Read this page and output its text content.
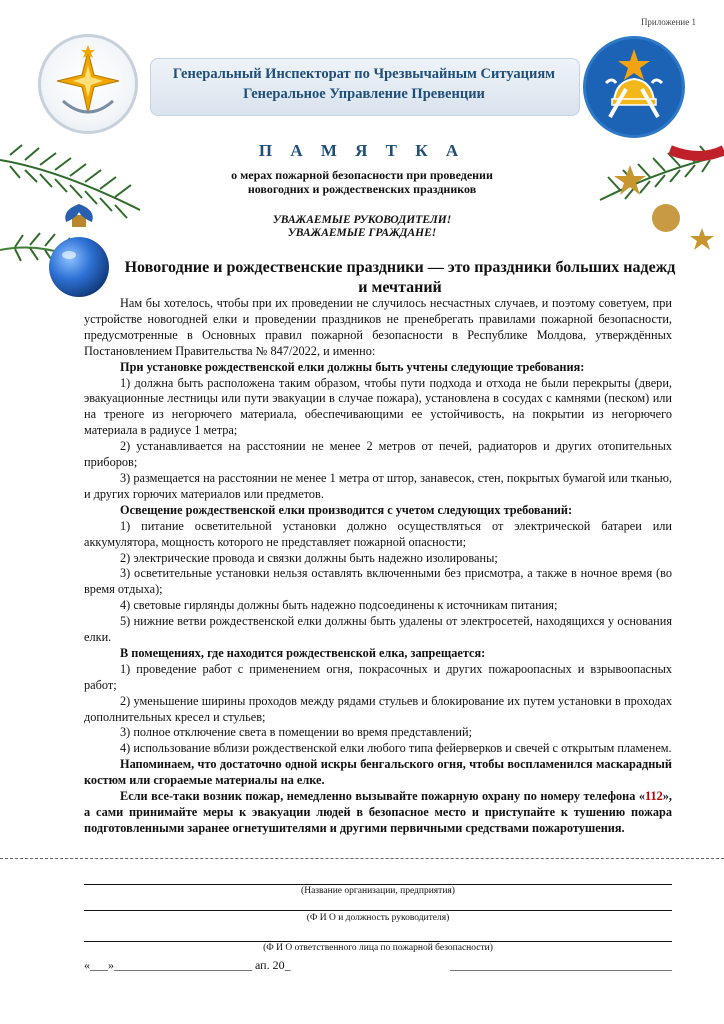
Приложение 1
Генеральный Инспекторат по Чрезвычайным Ситуациям
Генеральное Управление Превенции
П А М Я Т К А
о мерах пожарной безопасности при проведении
новогодних и рождественских праздников
УВАЖАЕМЫЕ РУКОВОДИТЕЛИ!
УВАЖАЕМЫЕ ГРАЖДАНЕ!
Новогодние и рождественские праздники — это праздники больших надежд и мечтаний

Нам бы хотелось, чтобы при их проведении не случилось несчастных случаев, и поэтому советуем, при устройстве новогодней елки и проведении праздников не пренебрегать правилами пожарной безопасности, предусмотренные в Основных правил пожарной безопасности в Республике Молдова, утверждённых Постановлением Правительства № 847/2022, и именно:

При установке рождественской елки должны быть учтены следующие требования:

1) должна быть расположена таким образом, чтобы пути подхода и отхода не были перекрыты (двери, эвакуационные лестницы или пути эвакуации в случае пожара), установлена в сосудах с камнями (песком) или на треноге из негорючего материала, обеспечивающими ее устойчивость, на покрытии из негорючего материала в радиусе 1 метра;

2) устанавливается на расстоянии не менее 2 метров от печей, радиаторов и других отопительных приборов;

3) размещается на расстоянии не менее 1 метра от штор, занавесок, стен, покрытых бумагой или тканью, и других горючих материалов или предметов.

Освещение рождественской елки производится с учетом следующих требований:

1) питание осветительной установки должно осуществляться от электрической батареи или аккумулятора, мощность которого не представляет пожарной опасности;

2) электрические провода и связки должны быть надежно изолированы;

3) осветительные установки нельзя оставлять включенными без присмотра, а также в ночное время (во время отдыха);

4) световые гирлянды должны быть надежно подсоединены к источникам питания;

5) нижние ветви рождественской елки должны быть удалены от электросетей, находящихся у основания елки.

В помещениях, где находится рождественской елка, запрещается:

1) проведение работ с применением огня, покрасочных и других пожароопасных и взрывоопасных работ;

2) уменьшение ширины проходов между рядами стульев и блокирование их путем установки в проходах дополнительных кресел и стульев;

3) полное отключение света в помещении во время представлений;

4) использование вблизи рождественской елки любого типа фейерверков и свечей с открытым пламенем.

Напоминаем, что достаточно одной искры бенгальского огня, чтобы воспламенился маскарадный костюм или сгораемые материалы на елке.

Если все-таки возник пожар, немедленно вызывайте пожарную охрану по номеру телефона «112», а сами принимайте меры к эвакуации людей в безопасное место и приступайте к тушению пожара подготовленными заранее огнетушителями и другими первичными средствами пожаротушения.

(Название организации, предприятия)
(Ф И О и должность руководителя)
(Ф И О ответственного лица по пожарной безопасности)
«___»_______________________ ап. 20_	_____________________________________
